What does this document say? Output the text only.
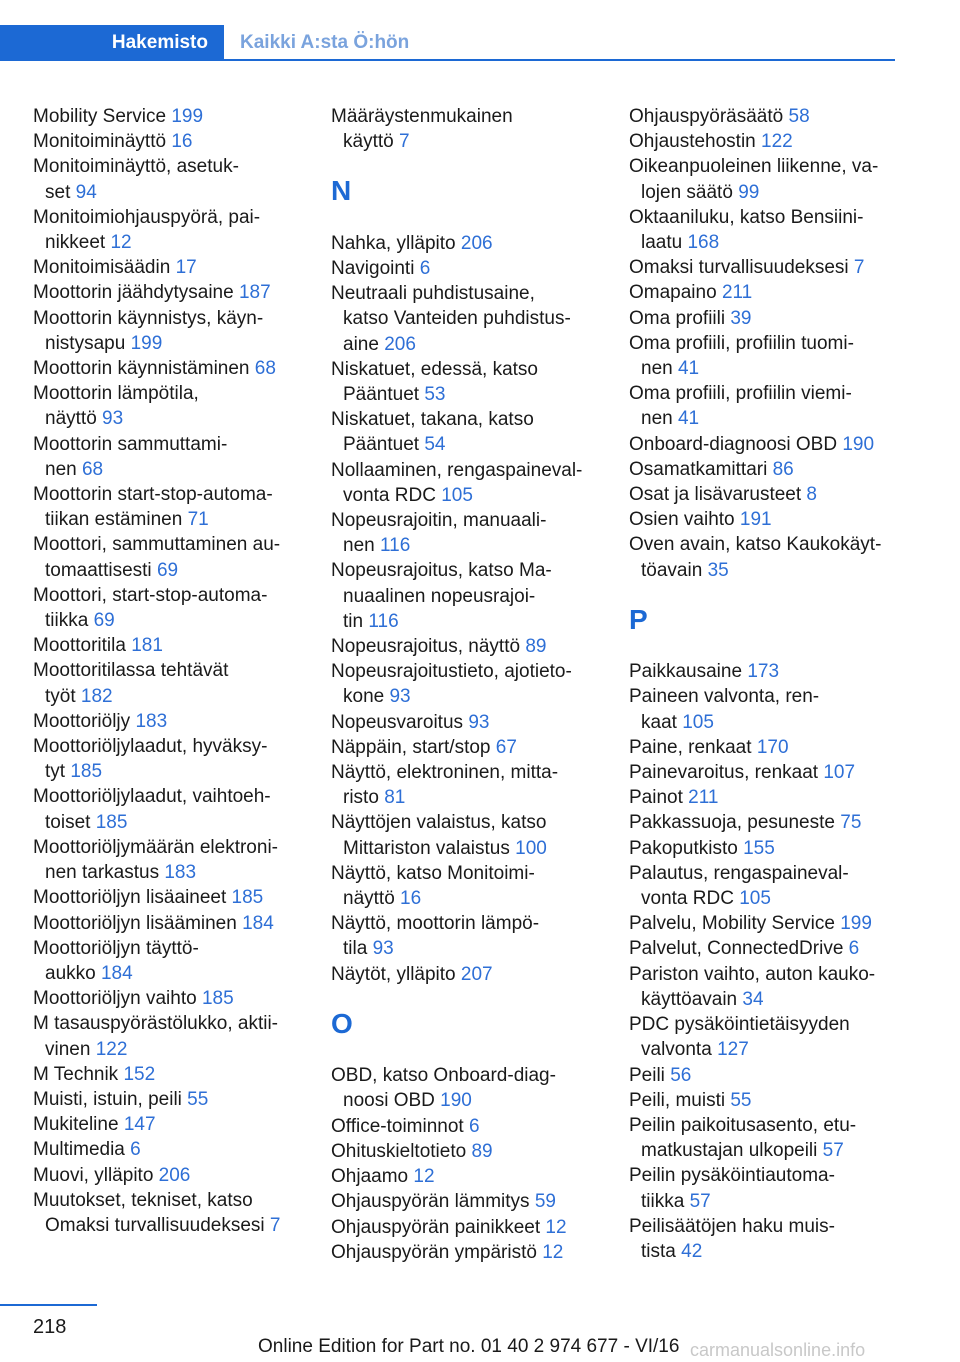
Hakemisto	Kaikki A:sta Ö:hön

Mobility Service 199

Monitoiminäyttö 16

Monitoiminäyttö, asetuk-
set 94

Monitoimiohjauspyörä, pai-
nikkeet 12

Monitoimisäädin 17

Moottorin jäähdytysaine 187

Moottorin käynnistys, käyn-
nistysapu 199

Moottorin käynnistäminen 68

Moottorin lämpötila,
näyttö 93

Moottorin sammuttami-
nen 68

Moottorin start-stop-automa-
tiikan estäminen 71

Moottori, sammuttaminen au-
tomaattisesti 69

Moottori, start-stop-automa-
tiikka 69

Moottoritila 181

Moottoritilassa tehtävät
työt 182

Moottoriöljy 183

Moottoriöljylaadut, hyväksy-
tyt 185

Moottoriöljylaadut, vaihtoeh-
toiset 185

Moottoriöljymäärän elektroni-
nen tarkastus 183

Moottoriöljyn lisäaineet 185

Moottoriöljyn lisääminen 184

Moottoriöljyn täyttö-
aukko 184

Moottoriöljyn vaihto 185

M tasauspyörästölukko, aktii-
vinen 122

M Technik 152

Muisti, istuin, peili 55

Mukiteline 147

Multimedia 6

Muovi, ylläpito 206

Muutokset, tekniset, katso
Omaksi turvallisuudeksesi 7

Määräystenmukainen
käyttö 7

N

Nahka, ylläpito 206

Navigointi 6

Neutraali puhdistusaine,
katso Vanteiden puhdistus-
aine 206

Niskatuet, edessä, katso
Pääntuet 53

Niskatuet, takana, katso
Pääntuet 54

Nollaaminen, rengaspaineval-
vonta RDC 105

Nopeusrajoitin, manuaali-
nen 116

Nopeusrajoitus, katso Ma-
nuaalinen nopeusrajoi-
tin 116

Nopeusrajoitus, näyttö 89

Nopeusrajoitustieto, ajotieto-
kone 93

Nopeusvaroitus 93

Näppäin, start/stop 67

Näyttö, elektroninen, mitta-
risto 81

Näyttöjen valaistus, katso
Mittariston valaistus 100

Näyttö, katso Monitoimi-
näyttö 16

Näyttö, moottorin lämpö-
tila 93

Näytöt, ylläpito 207

O

OBD, katso Onboard-diag-
noosi OBD 190

Office-toiminnot 6

Ohituskieltotieto 89

Ohjaamo 12

Ohjauspyörän lämmitys 59

Ohjauspyörän painikkeet 12

Ohjauspyörän ympäristö 12

Ohjauspyöräsäätö 58

Ohjaustehostin 122

Oikeanpuoleinen liikenne, va-
lojen säätö 99

Oktaaniluku, katso Bensiini-
laatu 168

Omaksi turvallisuudeksesi 7

Omapaino 211

Oma profiili 39

Oma profiili, profiilin tuomi-
nen 41

Oma profiili, profiilin viemi-
nen 41

Onboard-diagnoosi OBD 190

Osamatkamittari 86

Osat ja lisävarusteet 8

Osien vaihto 191

Oven avain, katso Kaukokäyt-
töavain 35

P

Paikkausaine 173

Paineen valvonta, ren-
kaat 105

Paine, renkaat 170

Painevaroitus, renkaat 107

Painot 211

Pakkassuoja, pesuneste 75

Pakoputkisto 155

Palautus, rengaspaineval-
vonta RDC 105

Palvelu, Mobility Service 199

Palvelut, ConnectedDrive 6

Pariston vaihto, auton kauko-
käyttöavain 34

PDC pysäköintietäisyyden
valvonta 127

Peili 56

Peili, muisti 55

Peilin paikoitusasento, etu-
matkustajan ulkopeili 57

Peilin pysäköintiautoma-
tiikka 57

Peilisäätöjen haku muis-
tista 42

218
Online Edition for Part no. 01 40 2 974 677 - VI/16 carmanualsonline.info
